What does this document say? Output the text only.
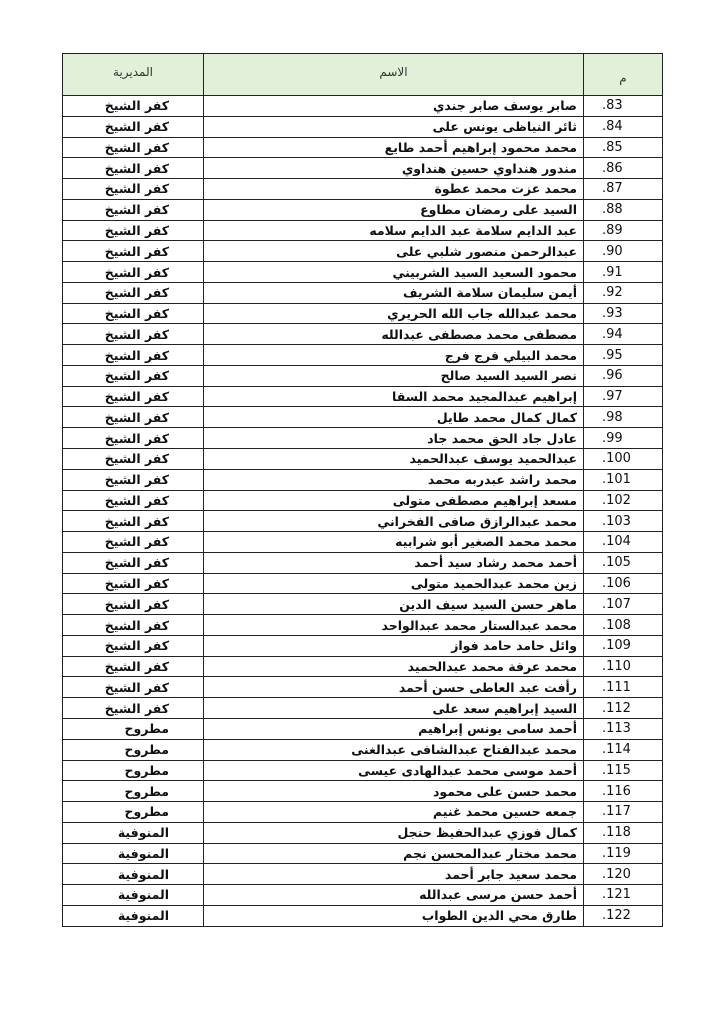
م	الاسم	المديرية
.83	صابر يوسف صابر جندي	كفر الشيخ
.84	ثائر النياظى يونس على	كفر الشيخ
.85	محمد محمود إبراهيم أحمد طايع	كفر الشيخ
.86	مندور هنداوي حسين هنداوي	كفر الشيخ
.87	محمد عزت محمد عطوة	كفر الشيخ
.88	السيد على رمضان مطاوع	كفر الشيخ
.89	عبد الدايم سلامة عبد الدايم سلامه	كفر الشيخ
.90	عبدالرحمن منصور شلبي على	كفر الشيخ
.91	محمود السعيد السيد الشربيني	كفر الشيخ
.92	أيمن سليمان سلامة الشريف	كفر الشيخ
.93	محمد عبدالله جاب الله الحريري	كفر الشيخ
.94	مصطفى محمد مصطفى عبدالله	كفر الشيخ
.95	محمد البيلي فرج فرج	كفر الشيخ
.96	نصر السيد السيد صالح	كفر الشيخ
.97	إبراهيم عبدالمجيد محمد السقا	كفر الشيخ
.98	كمال كمال محمد طايل	كفر الشيخ
.99	عادل جاد الحق محمد جاد	كفر الشيخ
.100	عبدالحميد يوسف عبدالحميد	كفر الشيخ
.101	محمد راشد عبدربه محمد	كفر الشيخ
.102	مسعد إبراهيم مصطفى متولى	كفر الشيخ
.103	محمد عبدالرازق صافى الفخراني	كفر الشيخ
.104	محمد محمد الصغير أبو شرابيه	كفر الشيخ
.105	أحمد محمد رشاد سيد أحمد	كفر الشيخ
.106	زين محمد عبدالحميد متولى	كفر الشيخ
.107	ماهر حسن السيد سيف الدين	كفر الشيخ
.108	محمد عبدالستار محمد عبدالواحد	كفر الشيخ
.109	وائل حامد حامد فواز	كفر الشيخ
.110	محمد عرفة محمد عبدالحميد	كفر الشيخ
.111	رأفت عبد العاطى حسن أحمد	كفر الشيخ
.112	السيد إبراهيم سعد على	كفر الشيخ
.113	أحمد سامى يونس إبراهيم	مطروح
.114	محمد عبدالفتاح عبدالشافى عبدالغنى	مطروح
.115	أحمد موسى محمد عبدالهادى عيسى	مطروح
.116	محمد حسن على محمود	مطروح
.117	جمعه حسين محمد غنيم	مطروح
.118	كمال فوزي عبدالحفيظ حنجل	المنوفية
.119	محمد مختار عبدالمحسن نجم	المنوفية
.120	محمد سعيد جابر أحمد	المنوفية
.121	أحمد حسن مرسى عبدالله	المنوفية
.122	طارق محي الدين الطواب	المنوفية
